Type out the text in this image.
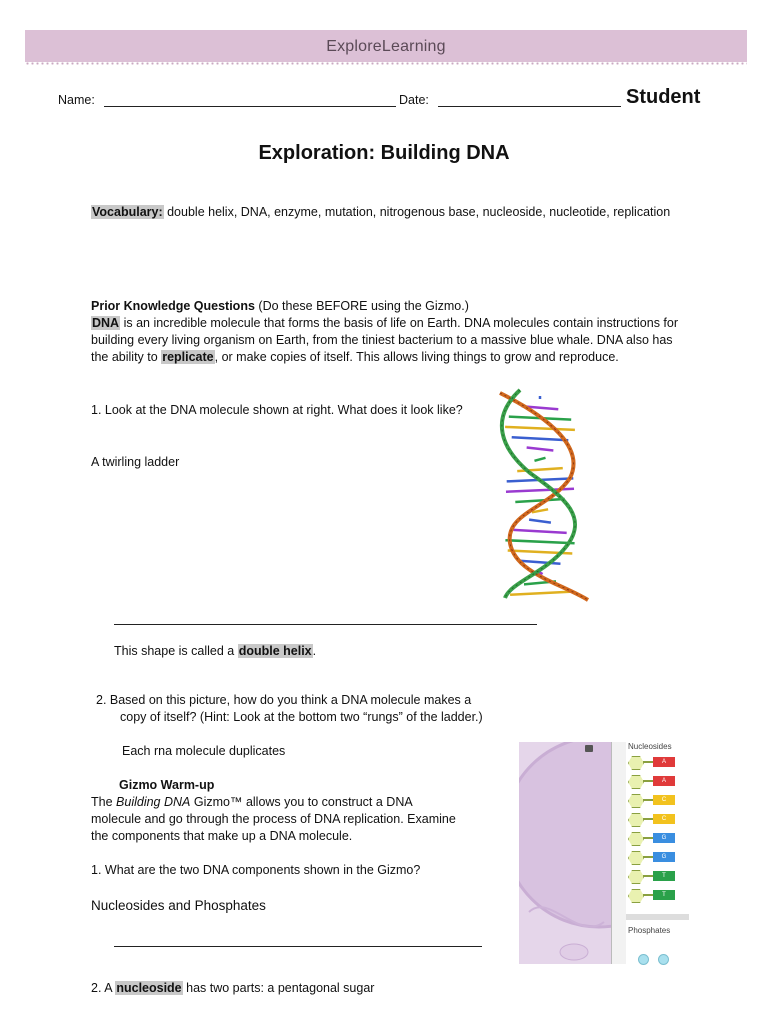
ExploreLearning
Name:	Date:	Student
Exploration: Building DNA
Vocabulary: double helix, DNA, enzyme, mutation, nitrogenous base, nucleoside, nucleotide, replication
Prior Knowledge Questions (Do these BEFORE using the Gizmo.)
DNA is an incredible molecule that forms the basis of life on Earth. DNA molecules contain instructions for building every living organism on Earth, from the tiniest bacterium to a massive blue whale. DNA also has the ability to replicate, or make copies of itself. This allows living things to grow and reproduce.
1. Look at the DNA molecule shown at right. What does it look like?
A twirling ladder
This shape is called a double helix.
2. Based on this picture, how do you think a DNA molecule makes a
copy of itself? (Hint: Look at the bottom two “rungs” of the ladder.)
Each rna molecule duplicates
Gizmo Warm-up
The Building DNA Gizmo™ allows you to construct a DNA molecule and go through the process of DNA replication. Examine the components that make up a DNA molecule.
1. What are the two DNA components shown in the Gizmo?
Nucleosides and Phosphates
2. A nucleoside has two parts: a pentagonal sugar
Nucleosides
A
A
C
C
G
G
T
T
Phosphates
